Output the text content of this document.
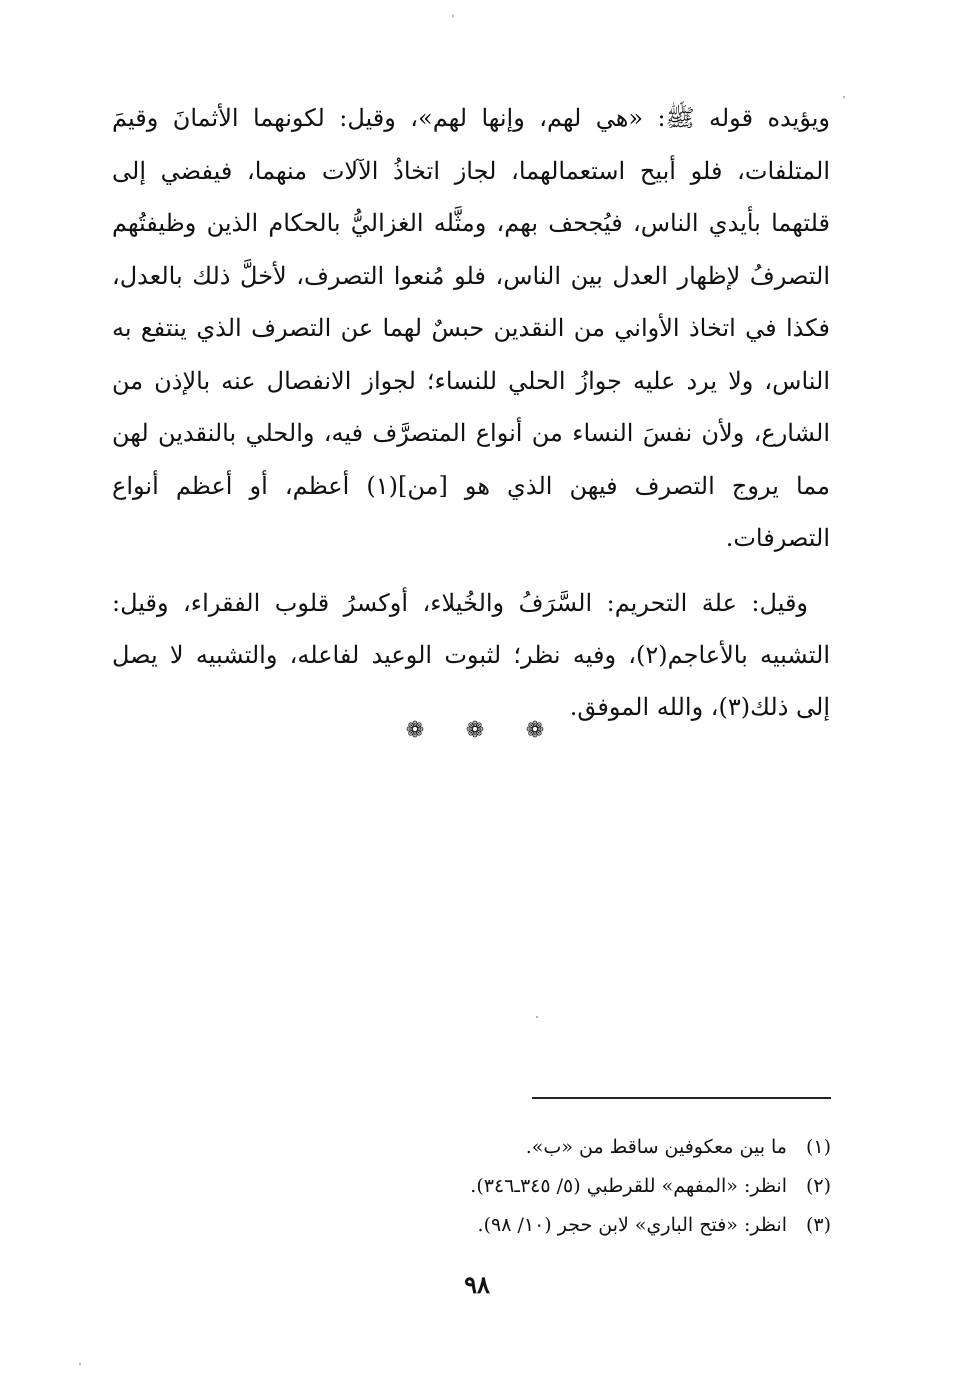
ويؤيده قوله ﷺ: «هي لهم، وإنها لهم»، وقيل: لكونهما الأثمانَ وقيمَ المتلفات، فلو أبيح استعمالهما، لجاز اتخاذُ الآلات منهما، فيفضي إلى قلتهما بأيدي الناس، فيُجحف بهم، ومثَّله الغزاليُّ بالحكام الذين وظيفتُهم التصرفُ لإظهار العدل بين الناس، فلو مُنعوا التصرف، لأخلَّ ذلك بالعدل، فكذا في اتخاذ الأواني من النقدين حبسٌ لهما عن التصرف الذي ينتفع به الناس، ولا يرد عليه جوازُ الحلي للنساء؛ لجواز الانفصال عنه بالإذن من الشارع، ولأن نفسَ النساء من أنواع المتصرَّف فيه، والحلي بالنقدين لهن مما يروج التصرف فيهن الذي هو [من](١) أعظم، أو أعظم أنواع التصرفات.

وقيل: علة التحريم: السَّرَفُ والخُيلاء، أوكسرُ قلوب الفقراء، وقيل: التشبيه بالأعاجم(٢)، وفيه نظر؛ لثبوت الوعيد لفاعله، والتشبيه لا يصل إلى ذلك(٣)، والله الموفق.

❁ ❁ ❁
(١)
ما بين معكوفين ساقط من «ب».
(٢)
انظر: «المفهم» للقرطبي (٥/ ٣٤٥ـ٣٤٦).
(٣)
انظر: «فتح الباري» لابن حجر (١٠/ ٩٨).
٩٨
